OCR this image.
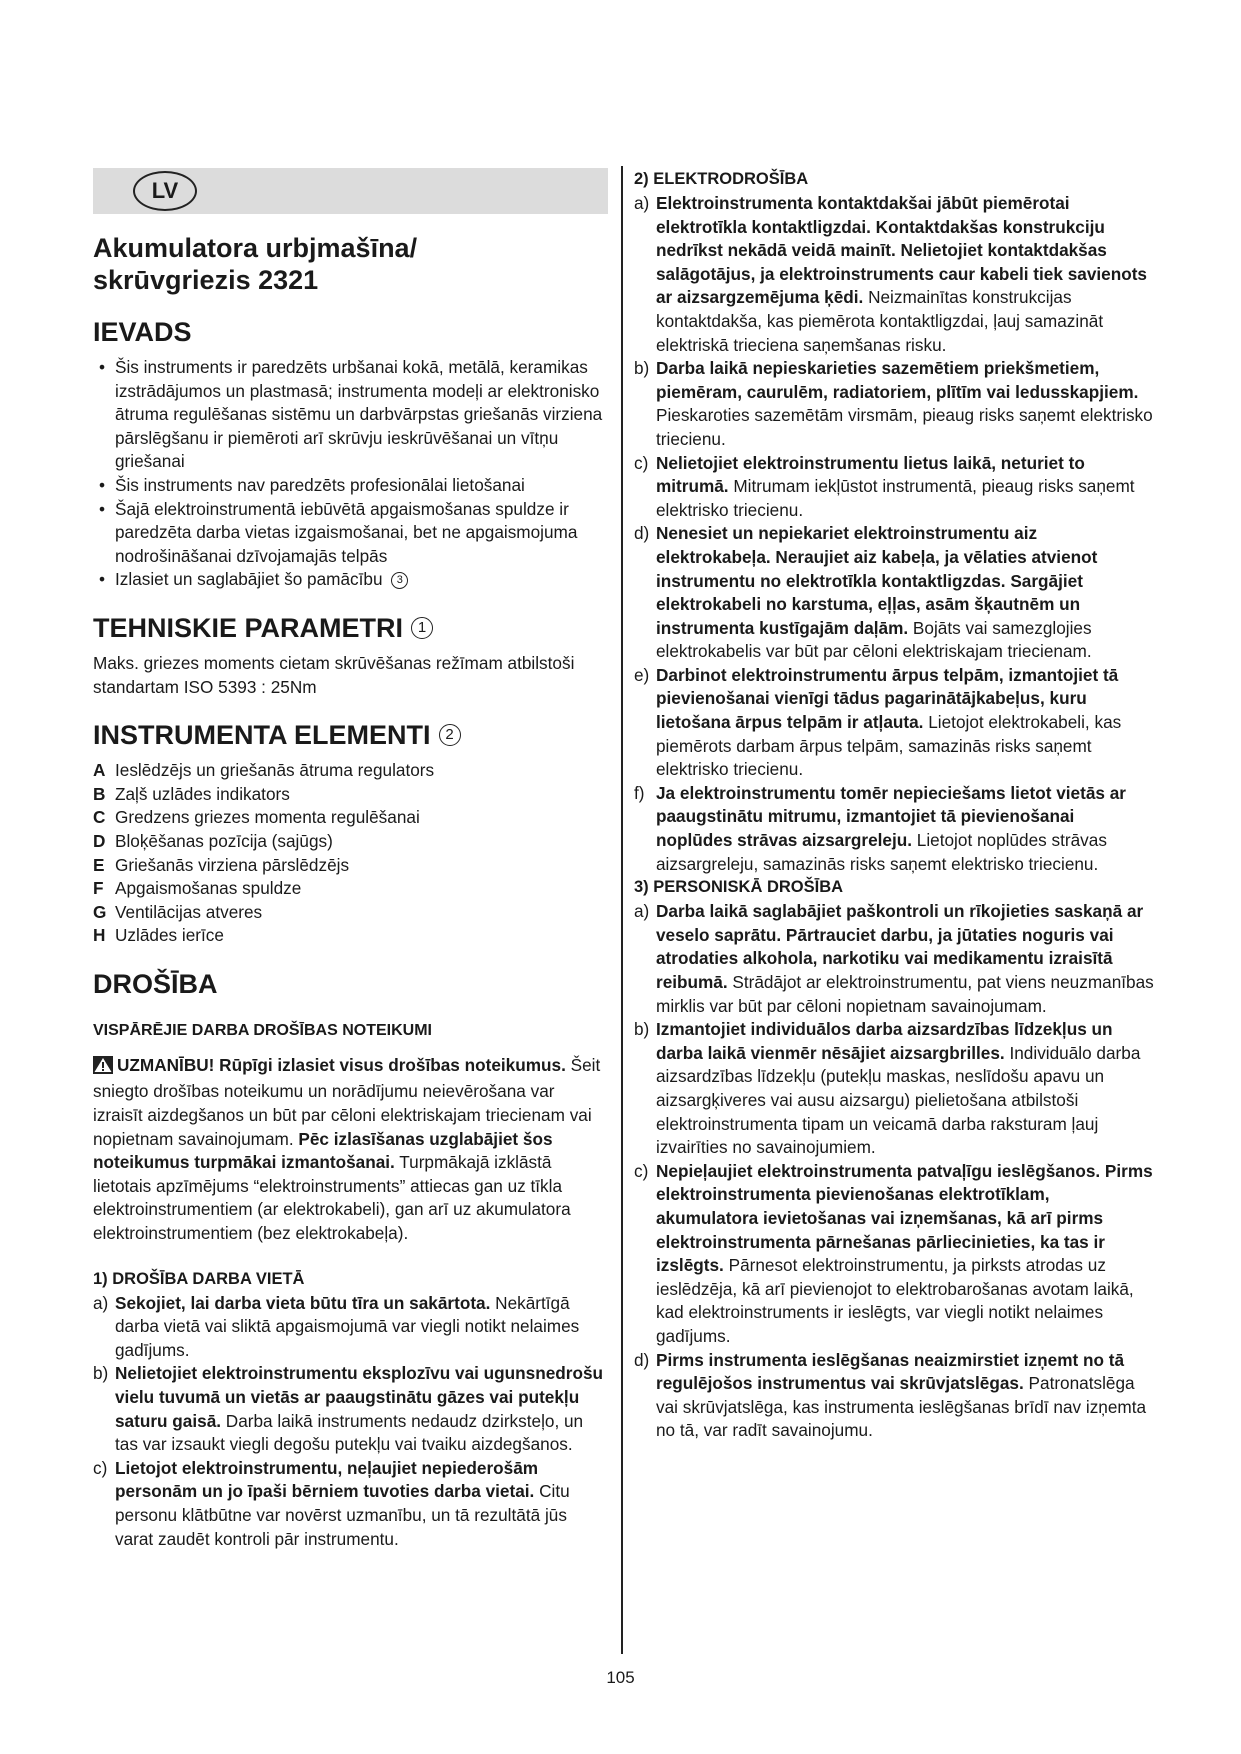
LV
Akumulatora urbjmašīna/
skrūvgriezis 2321
IEVADS
• Šis instruments ir paredzēts urbšanai kokā, metālā, keramikas izstrādājumos un plastmasā; instrumenta modeļi ar elektronisko ātruma regulēšanas sistēmu un darbvārpstas griešanās virziena pārslēgšanu ir piemēroti arī skrūvju ieskrūvēšanai un vītņu griešanai
• Šis instruments nav paredzēts profesionālai lietošanai
• Šajā elektroinstrumentā iebūvētā apgaismošanas spuldze ir paredzēta darba vietas izgaismošanai, bet ne apgaismojuma nodrošināšanai dzīvojamajās telpās
• Izlasiet un saglabājiet šo pamācību 3
TEHNISKIE PARAMETRI 1

Maks. griezes moments cietam skrūvēšanas režīmam atbilstoši standartam ISO 5393 : 25Nm

INSTRUMENTA ELEMENTI 2
A Ieslēdzējs un griešanās ātruma regulators
B Zaļš uzlādes indikators
C Gredzens griezes momenta regulēšanai
D Bloķēšanas pozīcija (sajūgs)
E Griešanās virziena pārslēdzējs
F Apgaismošanas spuldze
G Ventilācijas atveres
H Uzlādes ierīce
DROŠĪBA
VISPĀRĒJIE DARBA DROŠĪBAS NOTEIKUMI

UZMANĪBU! Rūpīgi izlasiet visus drošības noteikumus. Šeit sniegto drošības noteikumu un norādījumu neievērošana var izraisīt aizdegšanos un būt par cēloni elektriskajam triecienam vai nopietnam savainojumam. Pēc izlasīšanas uzglabājiet šos noteikumus turpmākai izmantošanai. Turpmākajā izklāstā lietotais apzīmējums “elektroinstruments” attiecas gan uz tīkla elektroinstrumentiem (ar elektrokabeli), gan arī uz akumulatora elektroinstrumentiem (bez elektrokabeļa).

1) DROŠĪBA DARBA VIETĀ
a) Sekojiet, lai darba vieta būtu tīra un sakārtota. Nekārtīgā darba vietā vai sliktā apgaismojumā var viegli notikt nelaimes gadījums.
b) Nelietojiet elektroinstrumentu eksplozīvu vai ugunsnedrošu vielu tuvumā un vietās ar paaugstinātu gāzes vai putekļu saturu gaisā. Darba laikā instruments nedaudz dzirksteļo, un tas var izsaukt viegli degošu putekļu vai tvaiku aizdegšanos.
c) Lietojot elektroinstrumentu, neļaujiet nepiederošām personām un jo īpaši bērniem tuvoties darba vietai. Citu personu klātbūtne var novērst uzmanību, un tā rezultātā jūs varat zaudēt kontroli pār instrumentu.
2) ELEKTRODROŠĪBA
a) Elektroinstrumenta kontaktdakšai jābūt piemērotai elektrotīkla kontaktligzdai. Kontaktdakšas konstrukciju nedrīkst nekādā veidā mainīt. Nelietojiet kontaktdakšas salāgotājus, ja elektroinstruments caur kabeli tiek savienots ar aizsargzemējuma ķēdi. Neizmainītas konstrukcijas kontaktdakša, kas piemērota kontaktligzdai, ļauj samazināt elektriskā trieciena saņemšanas risku.
b) Darba laikā nepieskarieties sazemētiem priekšmetiem, piemēram, caurulēm, radiatoriem, plītīm vai ledusskapjiem. Pieskaroties sazemētām virsmām, pieaug risks saņemt elektrisko triecienu.
c) Nelietojiet elektroinstrumentu lietus laikā, neturiet to mitrumā. Mitrumam iekļūstot instrumentā, pieaug risks saņemt elektrisko triecienu.
d) Nenesiet un nepiekariet elektroinstrumentu aiz elektrokabeļa. Neraujiet aiz kabeļa, ja vēlaties atvienot instrumentu no elektrotīkla kontaktligzdas. Sargājiet elektrokabeli no karstuma, eļļas, asām šķautnēm un instrumenta kustīgajām daļām. Bojāts vai samezglojies elektrokabelis var būt par cēloni elektriskajam triecienam.
e) Darbinot elektroinstrumentu ārpus telpām, izmantojiet tā pievienošanai vienīgi tādus pagarinātājkabeļus, kuru lietošana ārpus telpām ir atļauta. Lietojot elektrokabeli, kas piemērots darbam ārpus telpām, samazinās risks saņemt elektrisko triecienu.
f) Ja elektroinstrumentu tomēr nepieciešams lietot vietās ar paaugstinātu mitrumu, izmantojiet tā pievienošanai noplūdes strāvas aizsargreleju. Lietojot noplūdes strāvas aizsargreleju, samazinās risks saņemt elektrisko triecienu.
3) PERSONISKĀ DROŠĪBA
a) Darba laikā saglabājiet paškontroli un rīkojieties saskaņā ar veselo saprātu. Pārtrauciet darbu, ja jūtaties noguris vai atrodaties alkohola, narkotiku vai medikamentu izraisītā reibumā. Strādājot ar elektroinstrumentu, pat viens neuzmanības mirklis var būt par cēloni nopietnam savainojumam.
b) Izmantojiet individuālos darba aizsardzības līdzekļus un darba laikā vienmēr nēsājiet aizsargbrilles. Individuālo darba aizsardzības līdzekļu (putekļu maskas, neslīdošu apavu un aizsargķiveres vai ausu aizsargu) pielietošana atbilstoši elektroinstrumenta tipam un veicamā darba raksturam ļauj izvairīties no savainojumiem.
c) Nepieļaujiet elektroinstrumenta patvaļīgu ieslēgšanos. Pirms elektroinstrumenta pievienošanas elektrotīklam, akumulatora ievietošanas vai izņemšanas, kā arī pirms elektroinstrumenta pārnešanas pārliecinieties, ka tas ir izslēgts. Pārnesot elektroinstrumentu, ja pirksts atrodas uz ieslēdzēja, kā arī pievienojot to elektrobarošanas avotam laikā, kad elektroinstruments ir ieslēgts, var viegli notikt nelaimes gadījums.
d) Pirms instrumenta ieslēgšanas neaizmirstiet izņemt no tā regulējošos instrumentus vai skrūvjatslēgas. Patronatslēga vai skrūvjatslēga, kas instrumenta ieslēgšanas brīdī nav izņemta no tā, var radīt savainojumu.
105
